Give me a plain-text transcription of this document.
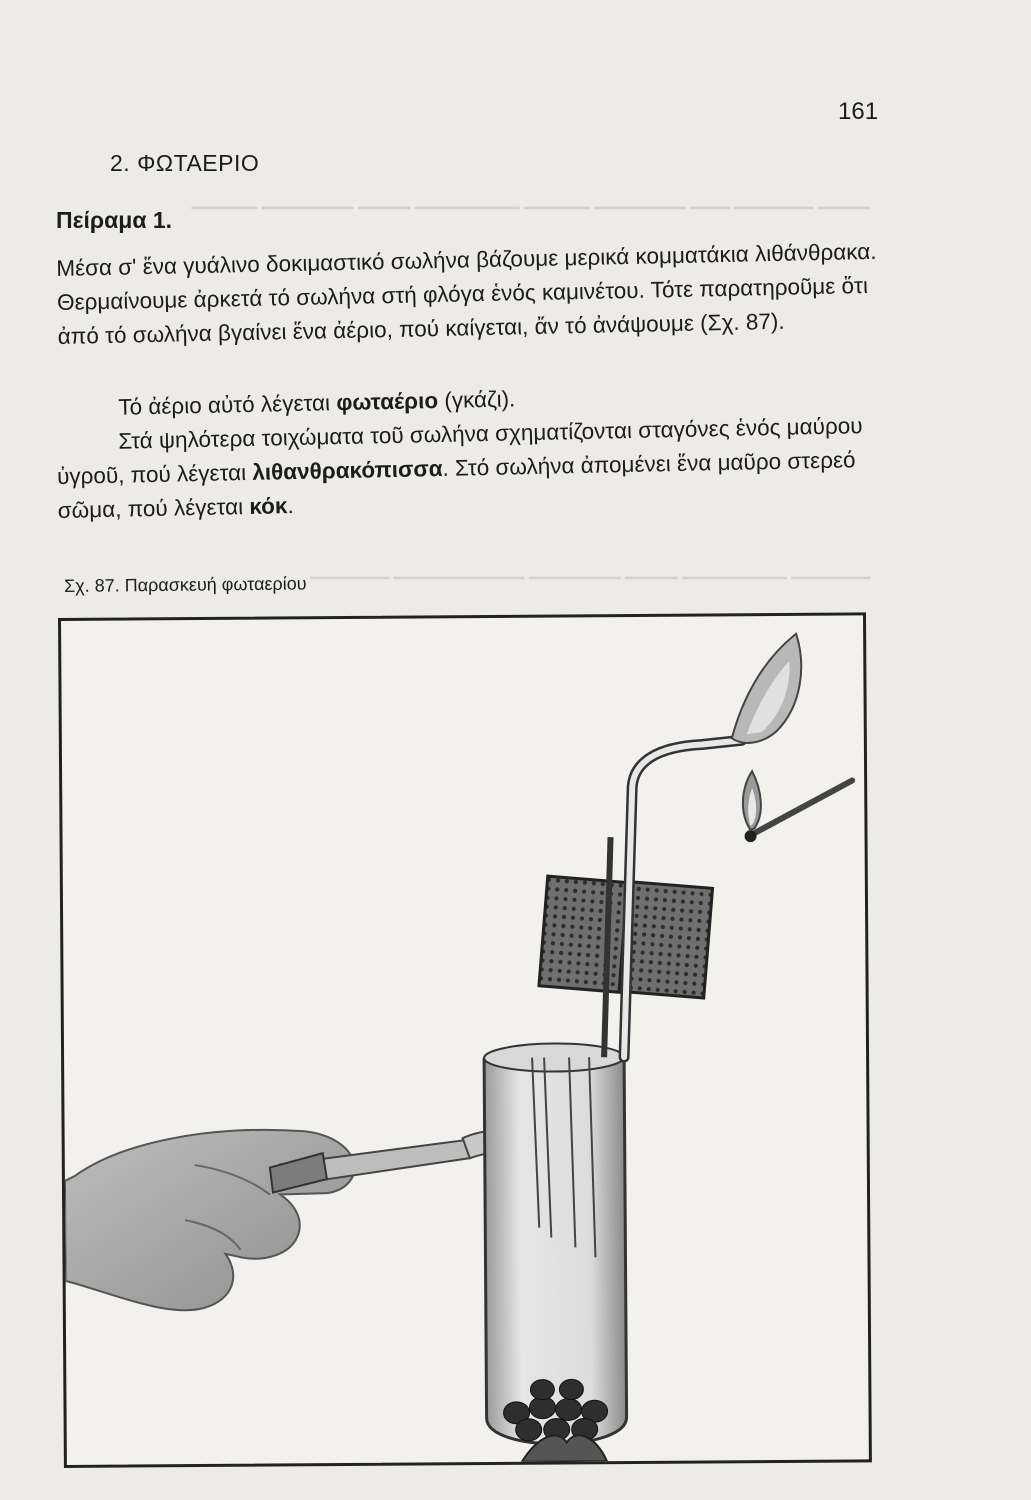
▁▁▁▁ ▁▁▁▁▁▁ ▁▁▁ ▁▁▁▁▁▁▁ ▁▁▁▁▁ ▁▁▁▁▁▁▁▁ ▁▁▁▁ ▁▁▁▁▁▁▁ ▁▁▁▁▁
▁▁▁▁▁▁ ▁▁▁▁▁▁▁▁ ▁▁▁▁ ▁▁▁▁▁▁▁ ▁▁▁▁▁▁▁▁▁▁ ▁▁▁▁▁▁
161
2. ΦΩΤΑΕΡΙΟ
Πείραμα 1.

Μέσα σ' ἕνα γυάλινο δοκιμαστικό σωλήνα βάζουμε μερικά κομματάκια λιθάνθρακα. Θερμαίνουμε ἀρκετά τό σωλήνα στή φλόγα ἑνός καμινέτου. Τότε παρατηροῦμε ὅτι ἀπό τό σωλήνα βγαίνει ἕνα ἀέριο, πού καίγεται, ἄν τό ἀνάψουμε (Σχ. 87).

Τό ἀέριο αὐτό λέγεται φωταέριο (γκάζι).

Στά ψηλότερα τοιχώματα τοῦ σωλήνα σχηματίζονται σταγόνες ἑνός μαύρου ὑγροῦ, πού λέγεται λιθανθρακόπισσα. Στό σωλήνα ἀπομένει ἕνα μαῦρο στερεό σῶμα, πού λέγεται κόκ.

Σχ. 87. Παρασκευή φωταερίου
